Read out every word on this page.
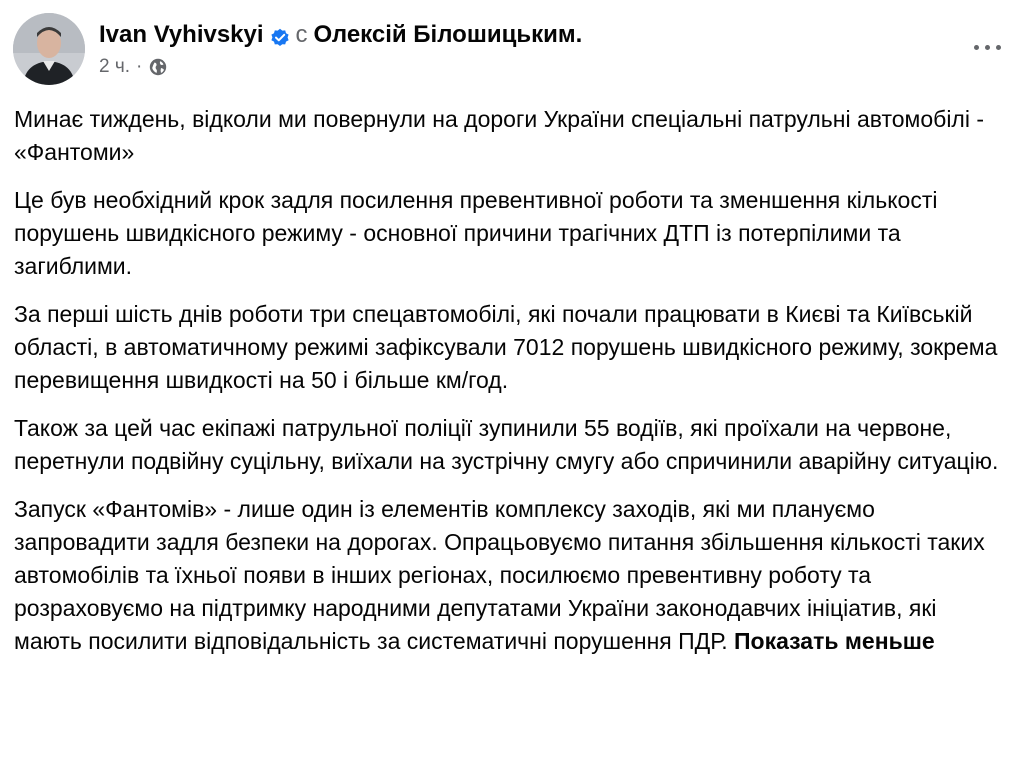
Ivan Vyhivskyi с Олексій Білошицьким .
2 ч. ·

Минає тиждень, відколи ми повернули на дороги України спеціальні патрульні автомобілі - «Фантоми»

Це був необхідний крок задля посилення превентивної роботи та зменшення кількості порушень швидкісного режиму - основної причини трагічних ДТП із потерпілими та загиблими.

За перші шість днів роботи три спецавтомобілі, які почали працювати в Києві та Київській області, в автоматичному режимі зафіксували 7012 порушень швидкісного режиму, зокрема перевищення швидкості на 50 і більше км/год.

Також за цей час екіпажі патрульної поліції зупинили 55 водіїв, які проїхали на червоне, перетнули подвійну суцільну, виїхали на зустрічну смугу або спричинили аварійну ситуацію.

Запуск «Фантомів» - лише один із елементів комплексу заходів, які ми плануємо запровадити задля безпеки на дорогах. Опрацьовуємо питання збільшення кількості таких автомобілів та їхньої появи в інших регіонах, посилюємо превентивну роботу та розраховуємо на підтримку народними депутатами України законодавчих ініціатив, які мають посилити відповідальність за систематичні порушення ПДР. Показать меньше
